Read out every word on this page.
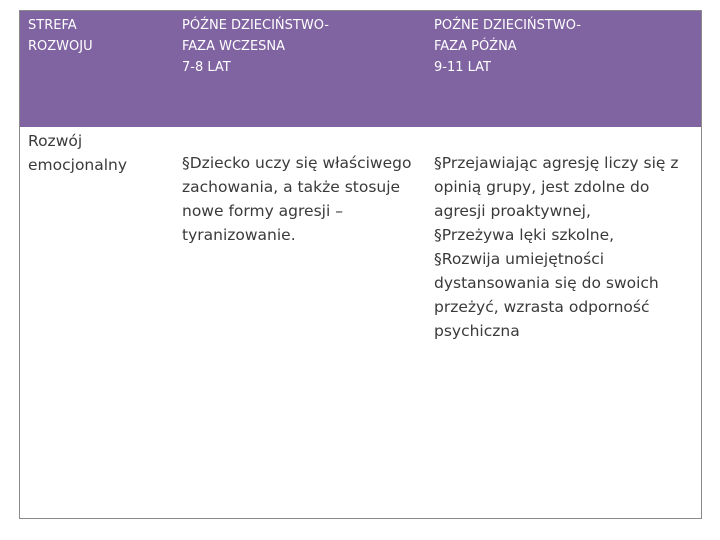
STREFA
ROZWOJU
PÓŹNE DZIECIŃSTWO-
FAZA WCZESNA
7-8 LAT
POŹNE DZIECIŃSTWO-
FAZA PÓŹNA
9-11 LAT
Rozwój
emocjonalny	§Dziecko uczy się właściwego
zachowania, a także stosuje
nowe formy agresji –
tyranizowanie.
§Przejawiając agresję liczy się z
opinią grupy, jest zdolne do
agresji proaktywnej,
§Przeżywa lęki szkolne,
§Rozwija umiejętności
dystansowania się do swoich
przeżyć, wzrasta odporność
psychiczna
